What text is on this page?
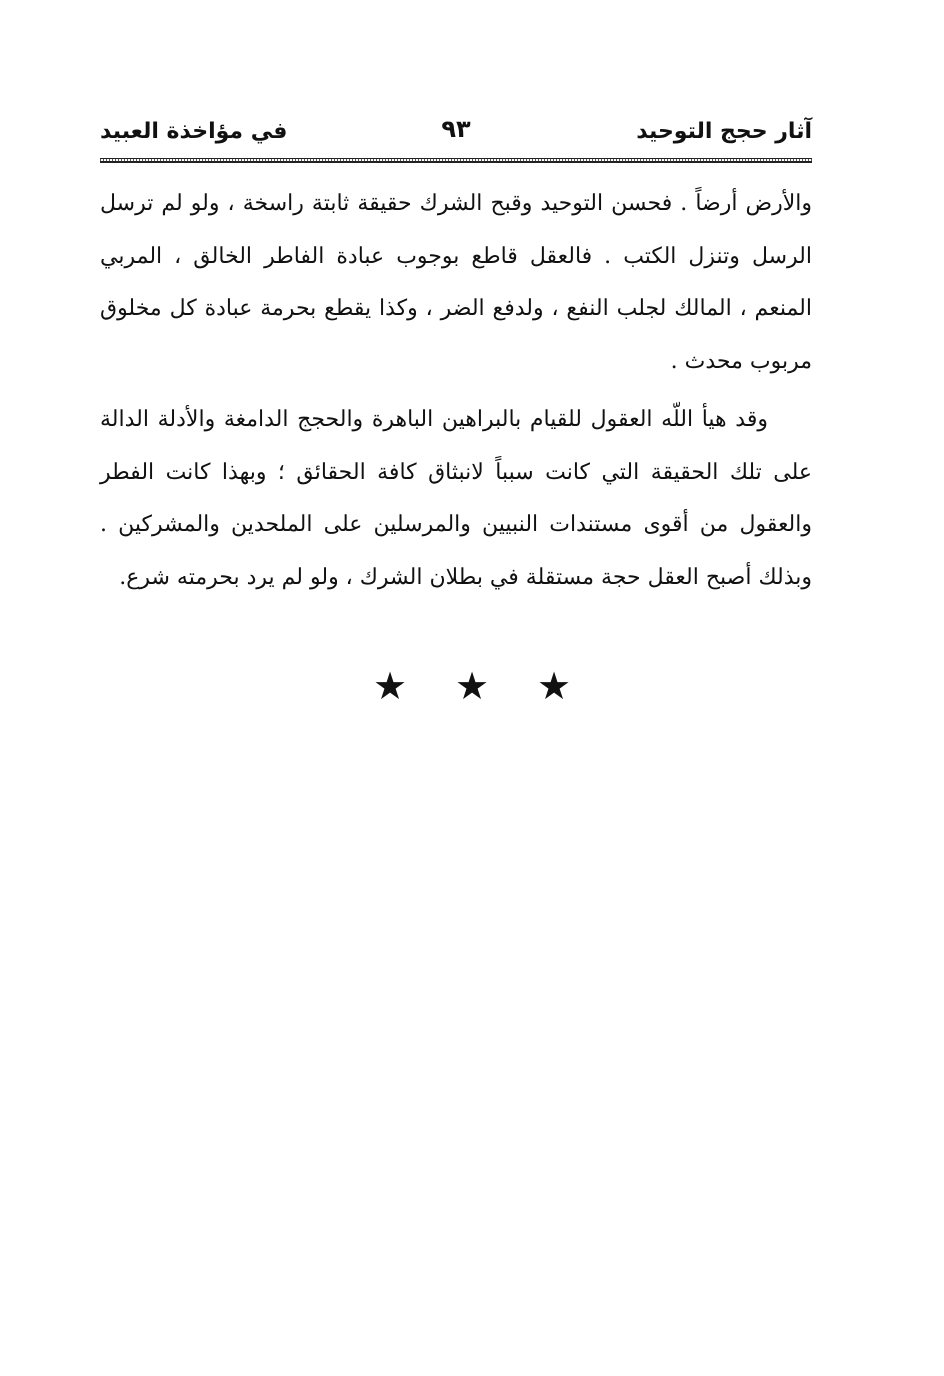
آثار حجج التوحيد
٩٣
في مؤاخذة العبيد

والأرض أرضاً . فحسن التوحيد وقبح الشرك حقيقة ثابتة راسخة ، ولو لم ترسل الرسل وتنزل الكتب . فالعقل قاطع بوجوب عبادة الفاطر الخالق ، المربي المنعم ، المالك لجلب النفع ، ولدفع الضر ، وكذا يقطع بحرمة عبادة كل مخلوق مربوب محدث .

وقد هيأ اللّه العقول للقيام بالبراهين الباهرة والحجج الدامغة والأدلة الدالة على تلك الحقيقة التي كانت سبباً لانبثاق كافة الحقائق ؛ وبهذا كانت الفطر والعقول من أقوى مستندات النبيين والمرسلين على الملحدين والمشركين . وبذلك أصبح العقل حجة مستقلة في بطلان الشرك ، ولو لم يرد بحرمته شرع.

★ ★ ★
